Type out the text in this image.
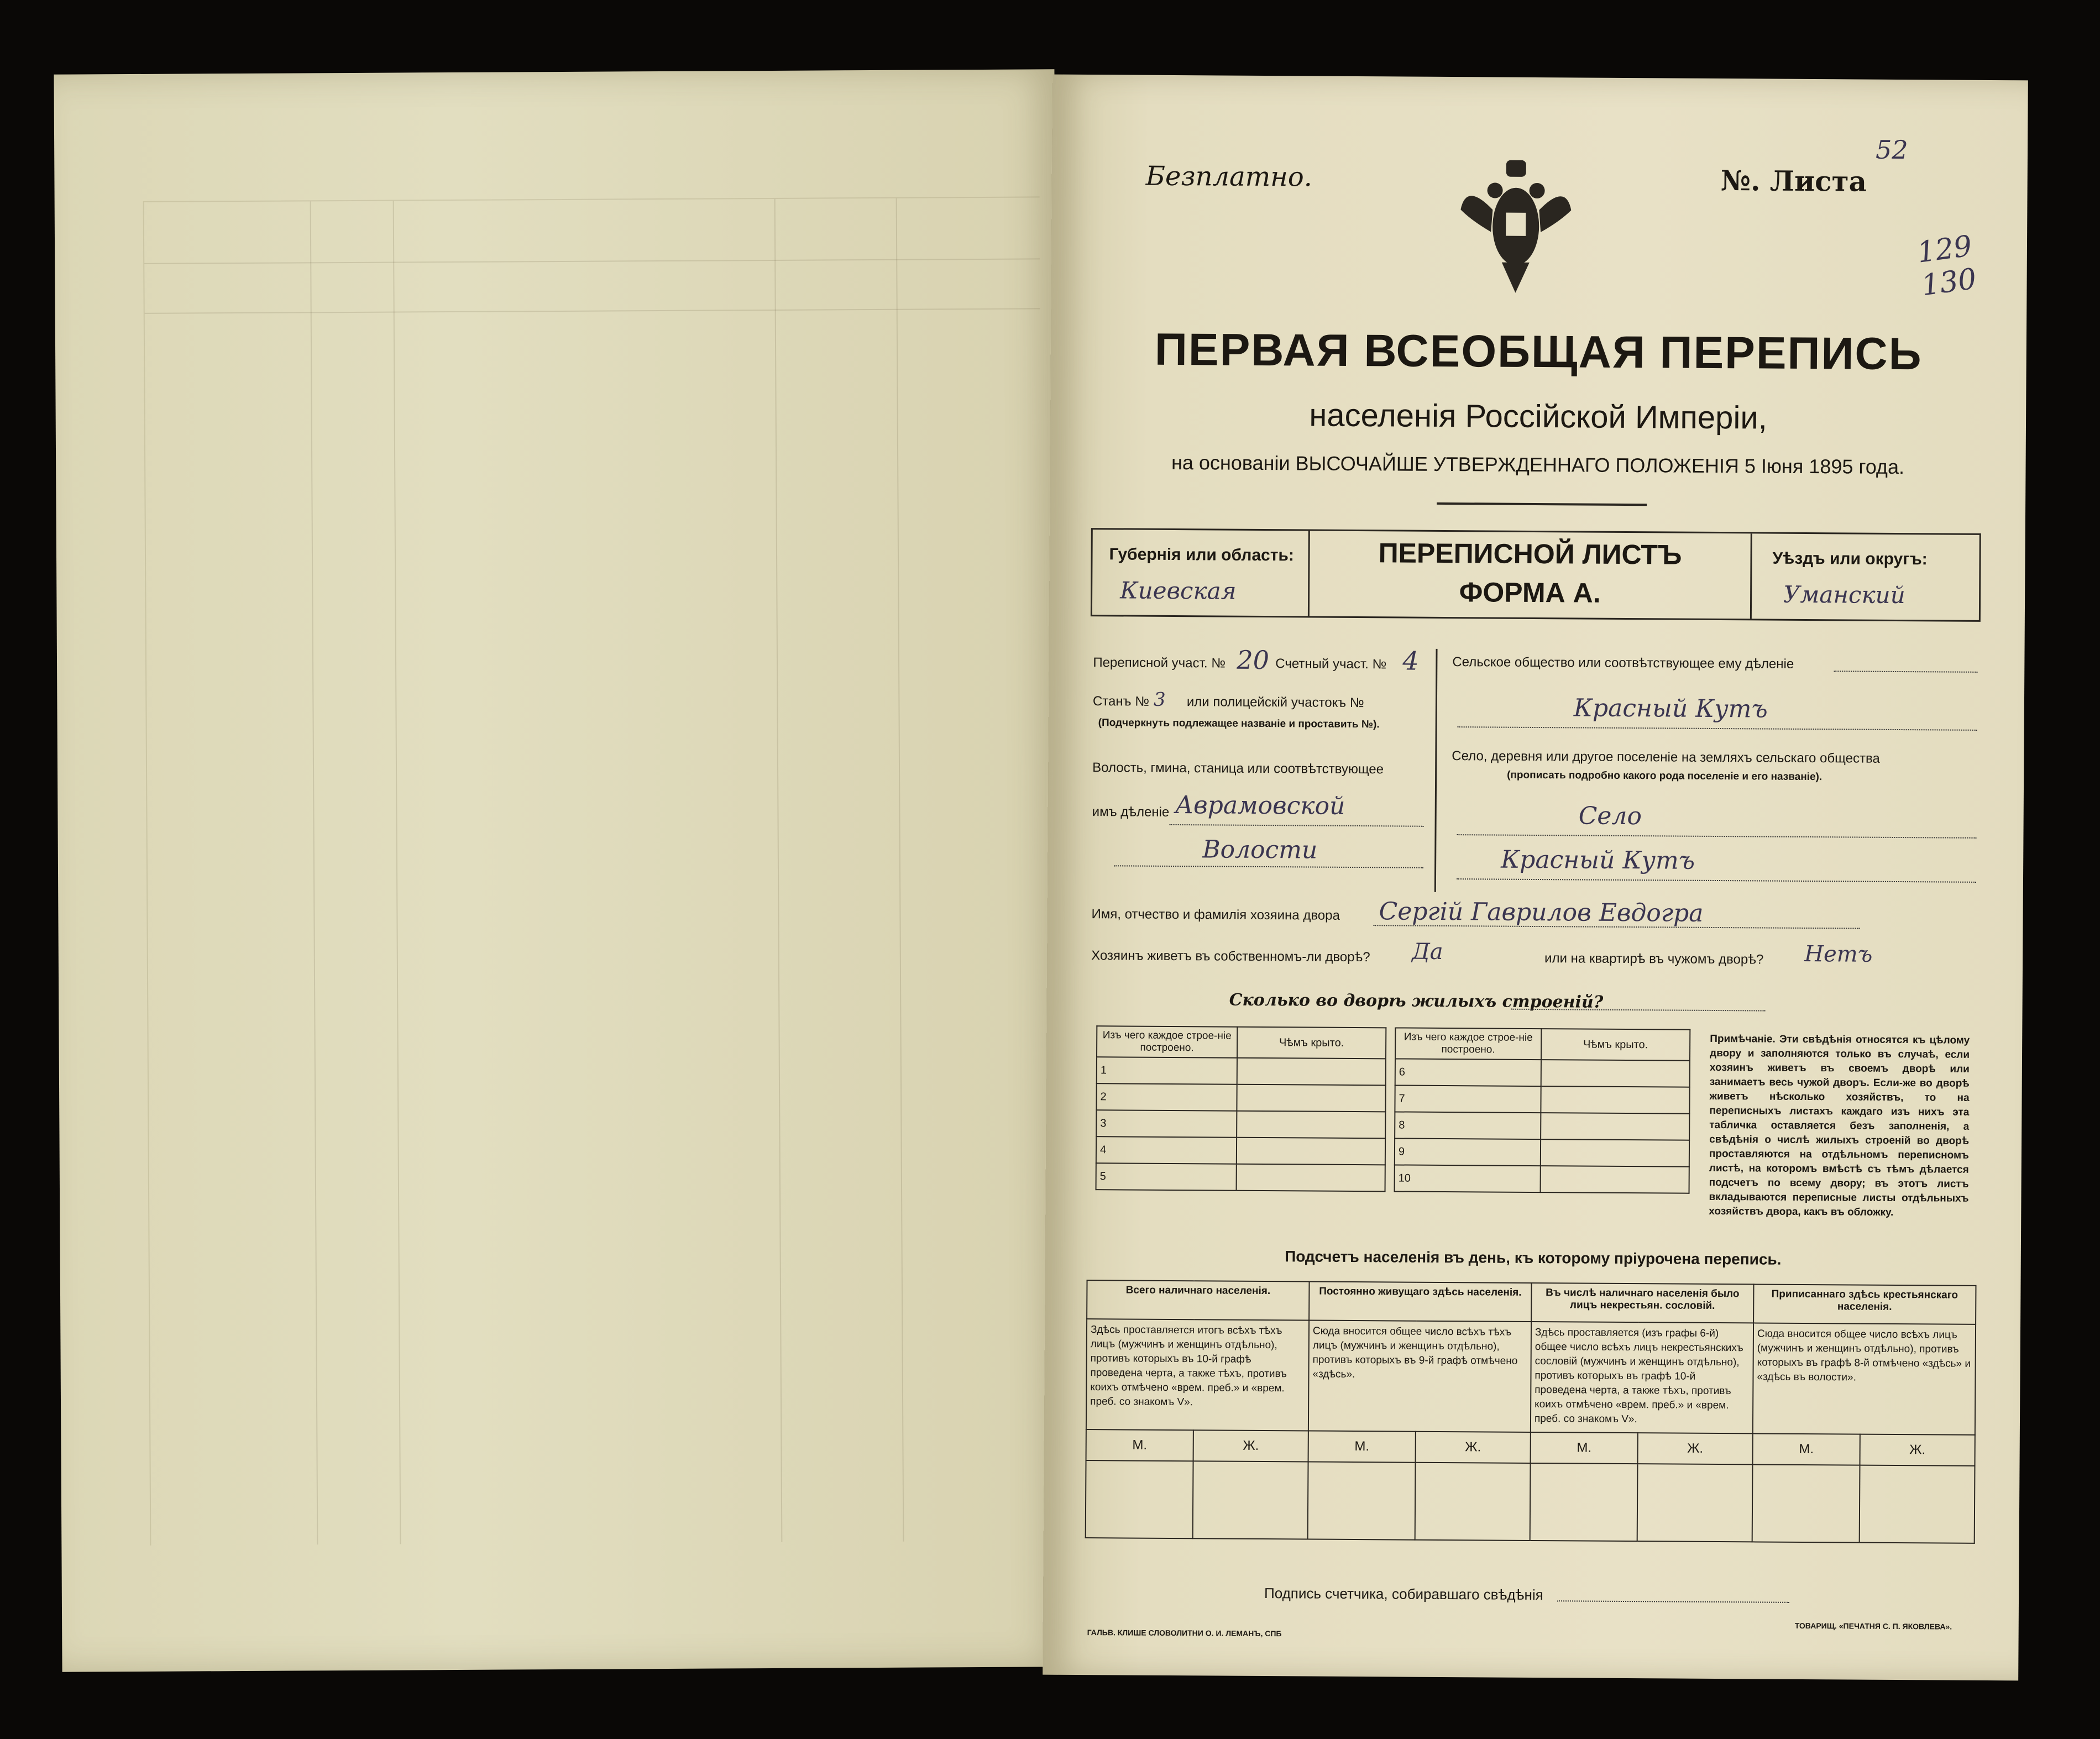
Безплатно.	№. Листа
52
129 130
ПЕРВАЯ ВСЕОБЩАЯ ПЕРЕПИСЬ
населенія Россійской Имперіи,
на основаніи ВЫСОЧАЙШЕ УТВЕРЖДЕННАГО ПОЛОЖЕНІЯ 5 Іюня 1895 года.
Губернія или область:
Киевская
ПЕРЕПИСНОЙ ЛИСТЪ
ФОРМА А.
Уѣздъ или округъ:
Уманский
Переписной участ. № 20 Счетный участ. № 4
Станъ № 3 или полицейскій участокъ №
(Подчеркнуть подлежащее названіе и проставить №).
Волость, гмина, станица или соотвѣтствующее
имъ дѣленіе Аврамовской
Волости
Сельское общество или соотвѣтствующее ему дѣленіе
Красный Кутъ
Село, деревня или другое поселеніе на земляхъ сельскаго общества
(прописать подробно какого рода поселеніе и его названіе).
Село
Красный Кутъ
Имя, отчество и фамилія хозяина двора Сергій Гаврилов Евдогра
Хозяинъ живетъ въ собственномъ-ли дворѣ? Да	или на квартирѣ въ чужомъ дворѣ? Нетъ
Сколько во дворѣ жилыхъ строеній?
Изъ чего каждое строе-ніе построено.	Чѣмъ крыто.
1	
2	
3	
4	
5	
Изъ чего каждое строе-ніе построено.	Чѣмъ крыто.
6	
7	
8	
9	
10	
Примѣчаніе. Эти свѣдѣнія относятся къ цѣлому двору и заполняются только въ случаѣ, если хозяинъ живетъ въ своемъ дворѣ или занимаетъ весь чужой дворъ. Если-же во дворѣ живетъ нѣсколько хозяйствъ, то на переписныхъ листахъ каждаго изъ нихъ эта табличка оставляется безъ заполненія, а свѣдѣнія о числѣ жилыхъ строеній во дворѣ проставляются на отдѣльномъ переписномъ листѣ, на которомъ вмѣстѣ съ тѣмъ дѣлается подсчетъ по всему двору; въ этотъ листъ вкладываются переписные листы отдѣльныхъ хозяйствъ двора, какъ въ обложку.
Подсчетъ населенія въ день, къ которому пріурочена перепись.
Всего наличнаго населенія.		Постоянно живущаго здѣсь населенія.		Въ числѣ наличнаго населенія было лицъ некрестьян. сословій.		Приписаннаго здѣсь крестьянскаго населенія.	
Здѣсь проставляется итогъ всѣхъ тѣхъ лицъ (мужчинъ и женщинъ отдѣльно), противъ которыхъ въ 10-й графѣ проведена черта, а также тѣхъ, противъ коихъ отмѣчено «врем. преб.» и «врем. преб. со знакомъ V».		Сюда вносится общее число всѣхъ тѣхъ лицъ (мужчинъ и женщинъ отдѣльно), противъ которыхъ въ 9-й графѣ отмѣчено «здѣсь».		Здѣсь проставляется (изъ графы 6-й) общее число всѣхъ лицъ некрестьянскихъ сословій (мужчинъ и женщинъ отдѣльно), противъ которыхъ въ графѣ 10-й проведена черта, а также тѣхъ, противъ коихъ отмѣчено «врем. преб.» и «врем. преб. со знакомъ V».		Сюда вносится общее число всѣхъ лицъ (мужчинъ и женщинъ отдѣльно), противъ которыхъ въ графѣ 8-й отмѣчено «здѣсь» и «здѣсь въ волости».	
М.	Ж.	М.	Ж.	М.	Ж.	М.	Ж.

Подпись счетчика, собиравшаго свѣдѣнія
ГАЛЬВ. КЛИШЕ СЛОВОЛИТНИ О. И. ЛЕМАНЪ, СПБ
ТОВАРИЩ. «ПЕЧАТНЯ С. П. ЯКОВЛЕВА».
